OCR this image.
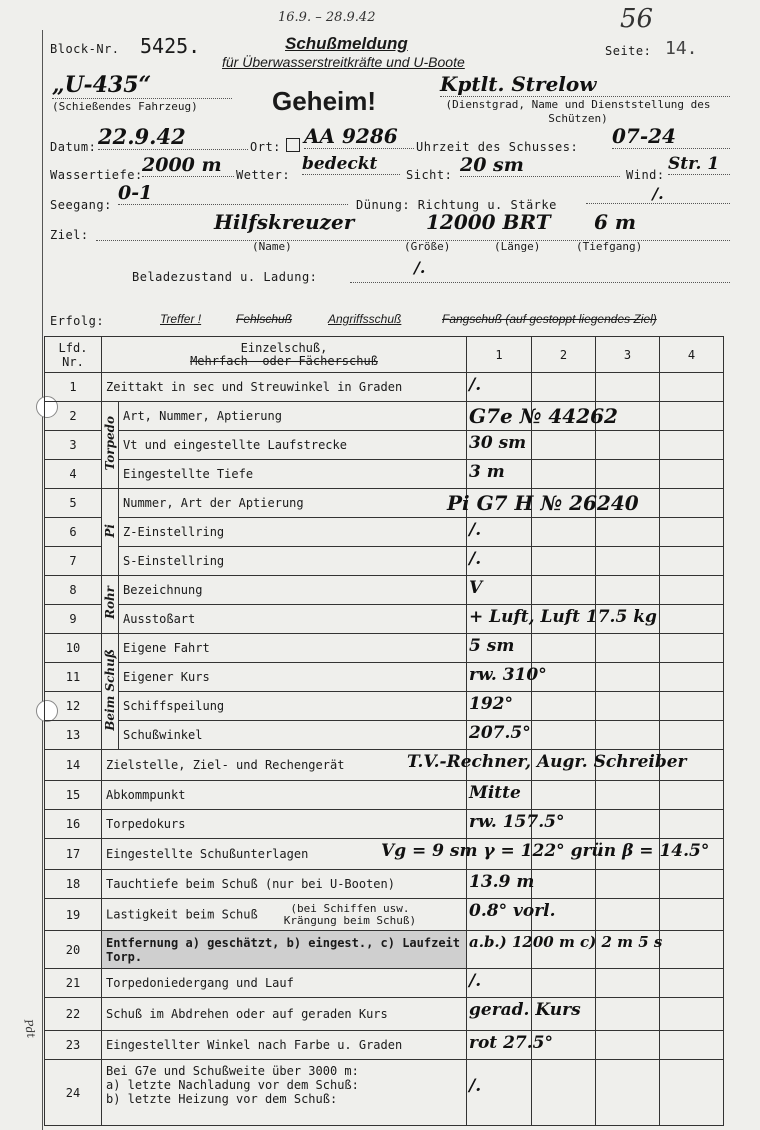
16.9. – 28.9.42	56
Block-Nr. 5425.	Schußmeldung
für Überwasserstreitkräfte und U-Boote
Seite: 14.
„U-435“
(Schießendes Fahrzeug)	Geheim!
Kptlt. Strelow
(Dienstgrad, Name und Dienststellung des Schützen)
Datum: 22.9.42	Ort: AA 9286	Uhrzeit des Schusses: 07-24
Wassertiefe: 2000 m	Wetter:
bedeckt
Sicht: 20 sm	Wind:
Str. 1
Seegang:
0-1
Dünung: Richtung u. Stärke
/.
Ziel:
Hilfskreuzer	12000 BRT 6 m
(Name)	(Größe)	(Länge)	(Tiefgang)
Beladezustand u. Ladung:	/.
Erfolg:	Treffer !	Fehlschuß	Angriffsschuß	Fangschuß (auf gestoppt liegendes Ziel)
Lfd. Nr.	Einzelschuß,
Mehrfach- oder Fächerschuß		1	2	3	4
1	Zeittakt in sec und Streuwinkel in Graden		/.			

2	Torpedo	Art, Nummer, Aptierung	G7e № 44262			

3		Vt und eingestellte Laufstrecke	30 sm			

4		Eingestellte Tiefe	3 m			

5	Pi	Nummer, Art der Aptierung	Pi G7 H № 26240			

6		Z-Einstellring	/.			

7		S-Einstellring	/.			

8	Rohr	Bezeichnung	V			

9		Ausstoßart	+ Luft, Luft 17.5 kg			

10	Beim Schuß	Eigene Fahrt	5 sm			

11		Eigener Kurs	rw. 310°			

12		Schiffspeilung	192°			

13		Schußwinkel	207.5°			

14	Zielstelle, Ziel- und Rechengerät		T.V.-Rechner, Augr. Schreiber			

15	Abkommpunkt		Mitte			

16	Torpedokurs		rw. 157.5°			

17	Eingestellte Schußunterlagen		Vg = 9 sm γ = 122° grün β = 14.5°			

18	Tauchtiefe beim Schuß (nur bei U-Booten)		13.9 m			

19	Lastigkeit beim Schuß (bei Schiffen usw. Krängung beim Schuß)		0.8° vorl.			

20	Entfernung a) geschätzt, b) eingest., c) Laufzeit Torp.		a.b.) 1200 m c) 2 m 5 s			

21	Torpedoniedergang und Lauf		/.			

22	Schuß im Abdrehen oder auf geraden Kurs		gerad. Kurs			

23	Eingestellter Winkel nach Farbe u. Graden		rot 27.5°			

24	Bei G7e und Schußweite über 3000 m:
a) letzte Nachladung vor dem Schuß:
b) letzte Heizung vor dem Schuß:		/.			

Pdt
